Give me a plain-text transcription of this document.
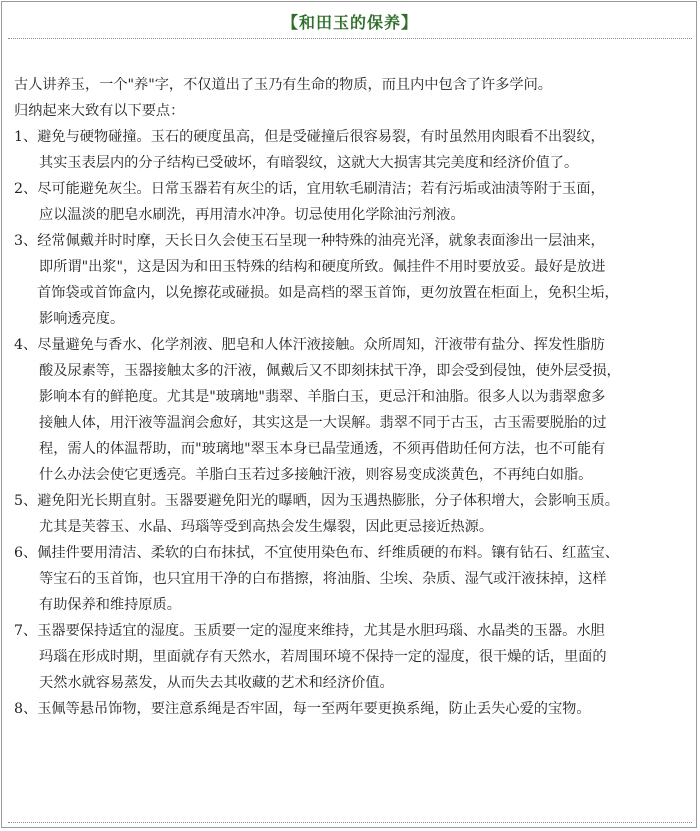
【和田玉的保养】
古人讲养玉，一个"养"字，不仅道出了玉乃有生命的物质，而且内中包含了许多学问。
归纳起来大致有以下要点：
1、避免与硬物碰撞。玉石的硬度虽高，但是受碰撞后很容易裂，有时虽然用肉眼看不出裂纹，
其实玉表层内的分子结构已受破坏，有暗裂纹，这就大大损害其完美度和经济价值了。
2、尽可能避免灰尘。日常玉器若有灰尘的话，宜用软毛刷清洁；若有污垢或油渍等附于玉面，
应以温淡的肥皂水刷洗，再用清水冲净。切忌使用化学除油污剂液。
3、经常佩戴并时时摩，天长日久会使玉石呈现一种特殊的油亮光泽，就象表面渗出一层油来，
即所谓"出浆"，这是因为和田玉特殊的结构和硬度所致。佩挂件不用时要放妥。最好是放进
首饰袋或首饰盒内，以免擦花或碰损。如是高档的翠玉首饰，更勿放置在柜面上，免积尘垢，
影响透亮度。
4、尽量避免与香水、化学剂液、肥皂和人体汗液接触。众所周知，汗液带有盐分、挥发性脂肪
酸及尿素等，玉器接触太多的汗液，佩戴后又不即刻抹拭干净，即会受到侵蚀，使外层受损，
影响本有的鲜艳度。尤其是"玻璃地"翡翠、羊脂白玉，更忌汗和油脂。很多人以为翡翠愈多
接触人体，用汗液等温润会愈好，其实这是一大误解。翡翠不同于古玉，古玉需要脱胎的过
程，需人的体温帮助，而"玻璃地"翠玉本身已晶莹通透，不须再借助任何方法，也不可能有
什么办法会使它更透亮。羊脂白玉若过多接触汗液，则容易变成淡黄色，不再纯白如脂。
5、避免阳光长期直射。玉器要避免阳光的曝晒，因为玉遇热膨胀，分子体积增大，会影响玉质。
尤其是芙蓉玉、水晶、玛瑙等受到高热会发生爆裂，因此更忌接近热源。
6、佩挂件要用清洁、柔软的白布抹拭，不宜使用染色布、纤维质硬的布料。镶有钻石、红蓝宝、
等宝石的玉首饰，也只宜用干净的白布揩擦，将油脂、尘埃、杂质、湿气或汗液抹掉，这样
有助保养和维持原质。
7、玉器要保持适宜的湿度。玉质要一定的湿度来维持，尤其是水胆玛瑙、水晶类的玉器。水胆
玛瑙在形成时期，里面就存有天然水，若周围环境不保持一定的湿度，很干燥的话，里面的
天然水就容易蒸发，从而失去其收藏的艺术和经济价值。
8、玉佩等悬吊饰物，要注意系绳是否牢固，每一至两年要更换系绳，防止丢失心爱的宝物。
